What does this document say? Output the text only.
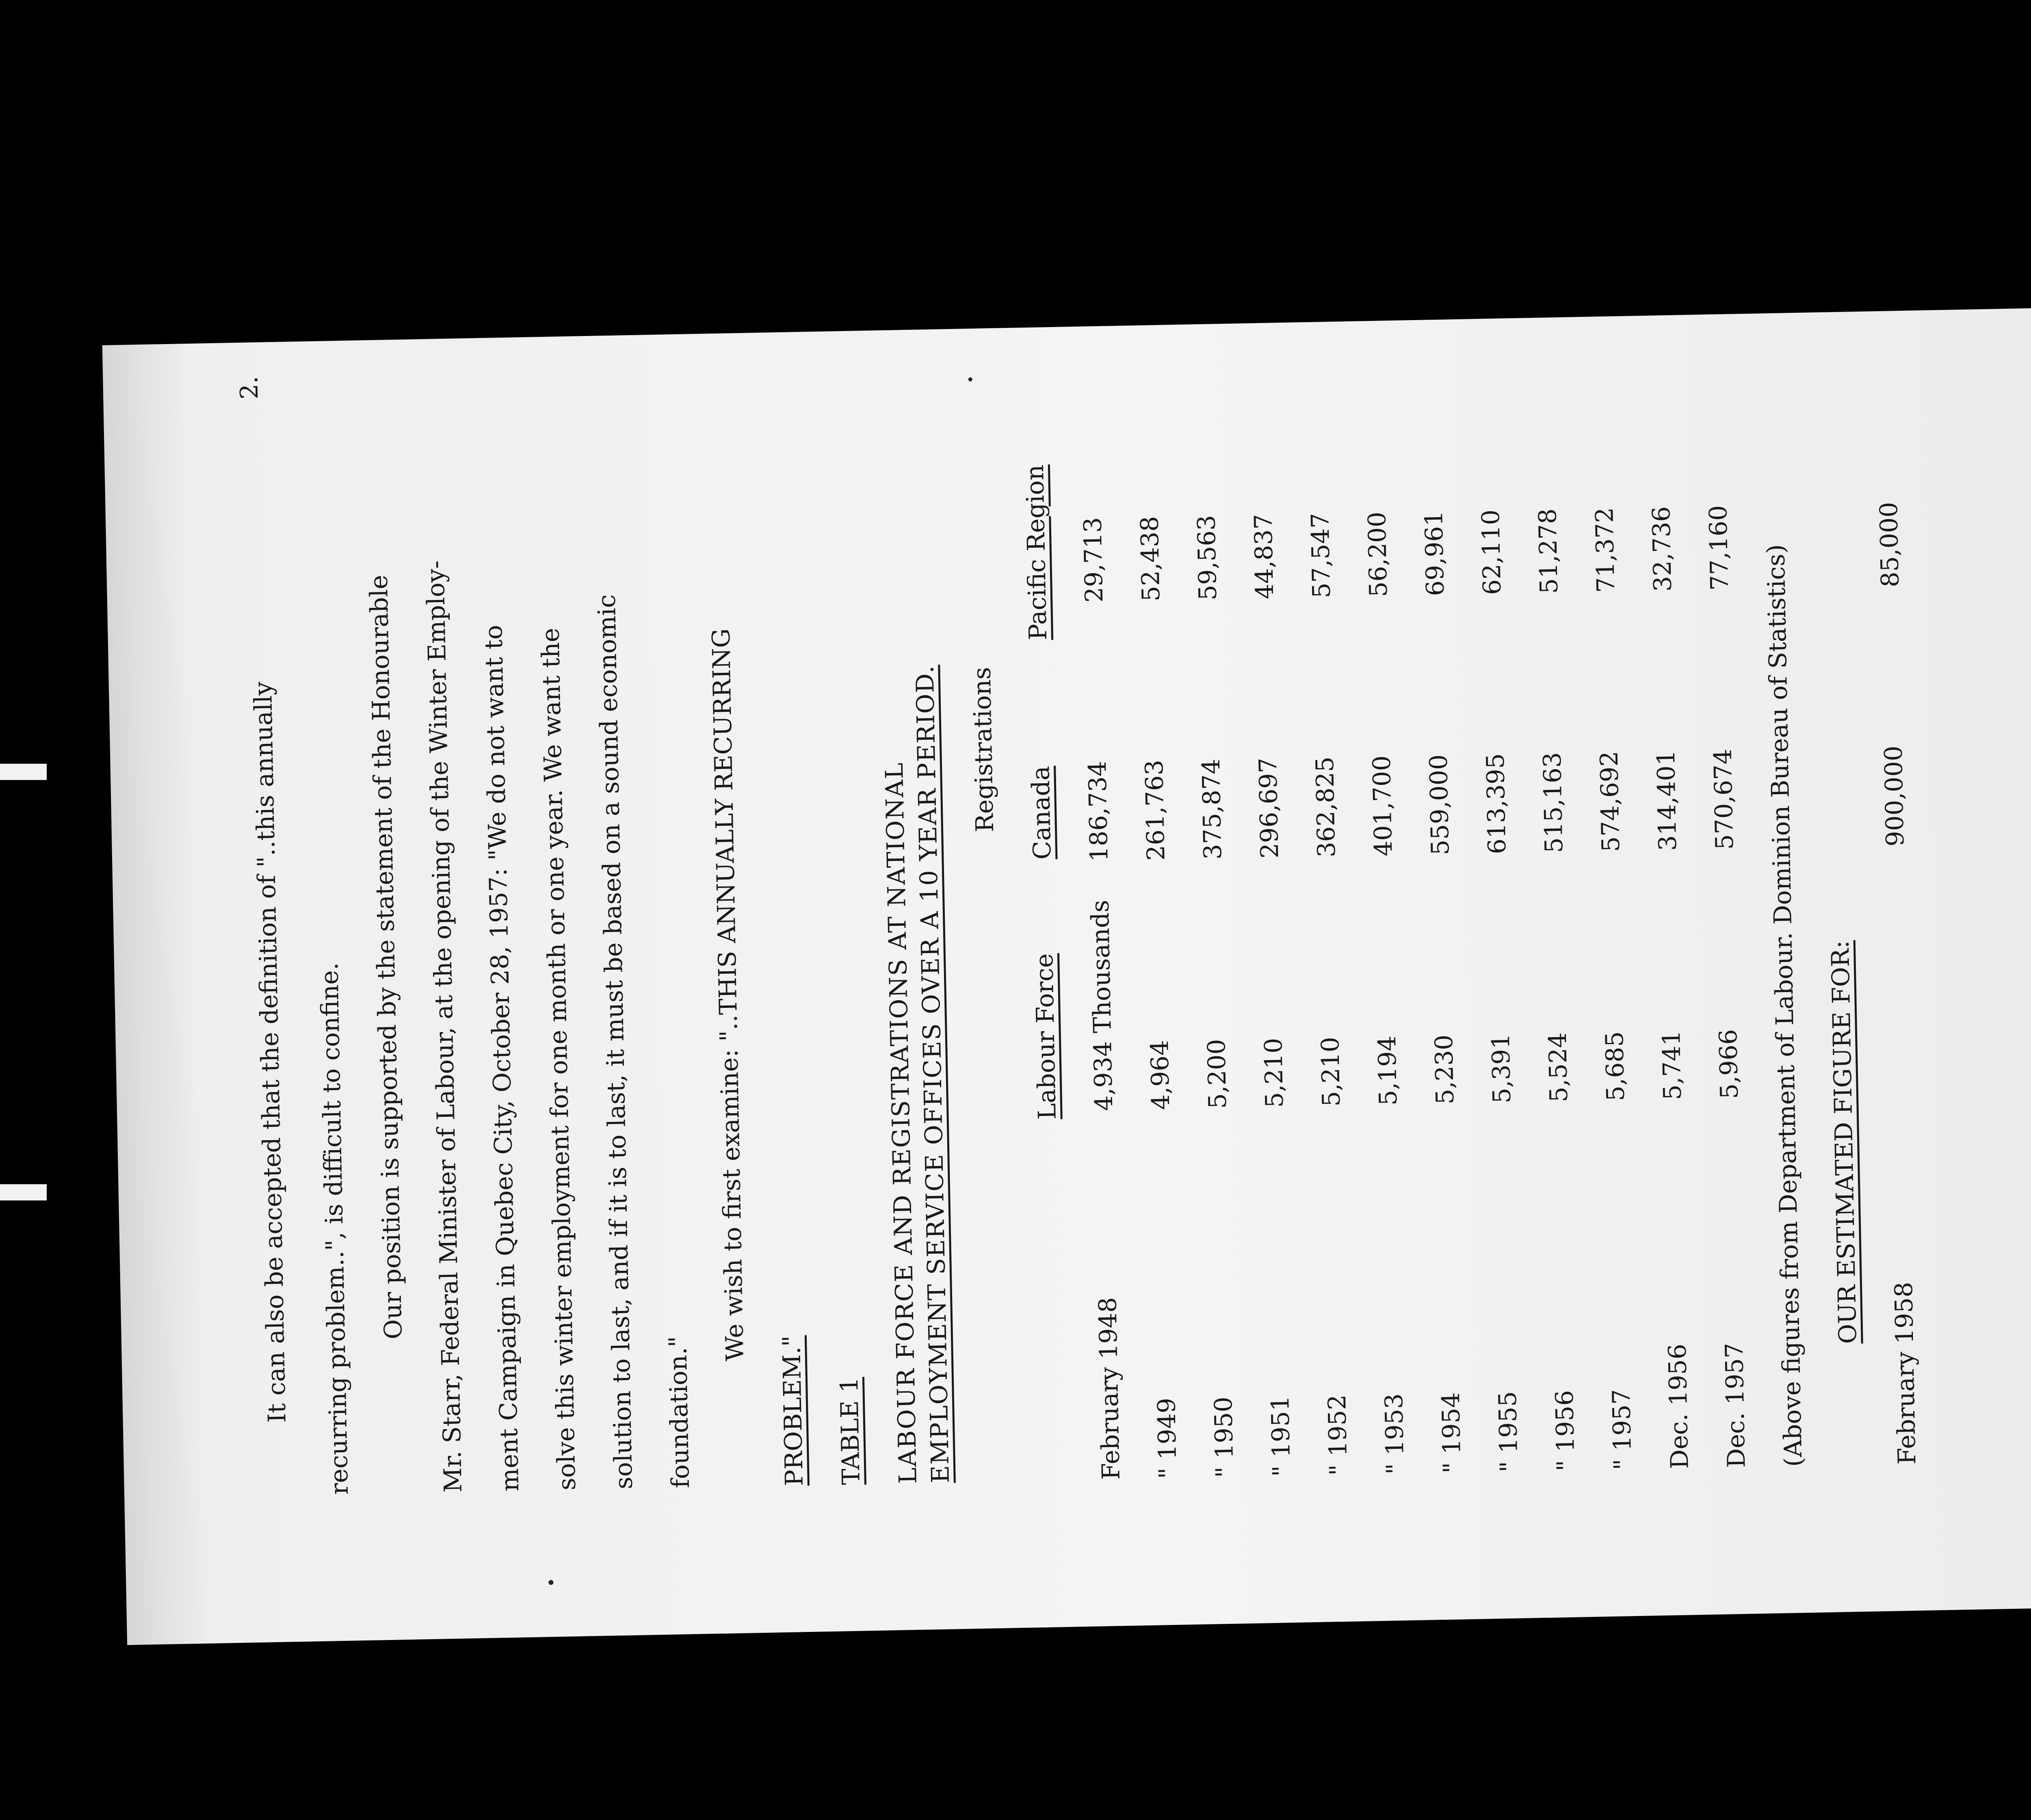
2.
It can also be accepted that the definition of "..this annually recurring problem..", is difficult to confine. Our position is supported by the statement of the Honourable Mr. Starr, Federal Minister of Labour, at the opening of the Winter Employ- ment Campaign in Quebec City, October 28, 1957: "We do not want to solve this winter employment for one month or one year. We want the solution to last, and if it is to last, it must be based on a sound economic foundation."
We wish to first examine: "..THIS ANNUALLY RECURRING
PROBLEM." TABLE 1 LABOUR FORCE AND REGISTRATIONS AT NATIONAL
EMPLOYMENT SERVICE OFFICES OVER A 10 YEAR PERIOD. Registrations
Labour Force
Canada
Pacific Region
February 1948
4,934
Thousands
186,734
29,713
" 1949
4,964
261,763
52,438
" 1950
5,200
375,874
59,563
" 1951
5,210
296,697
44,837
" 1952
5,210
362,825
57,547
" 1953
5,194
401,700
56,200
" 1954
5,230
559,000
69,961
" 1955
5,391
613,395
62,110
" 1956
5,524
515,163
51,278
" 1957
5,685
574,692
71,372
Dec. 1956
5,741
314,401
32,736
Dec. 1957
5,966
570,674
77,160 (Above figures from Department of Labour. Dominion Bureau of Statistics) OUR ESTIMATED FIGURE FOR:
February 1958
900,000
85,000
